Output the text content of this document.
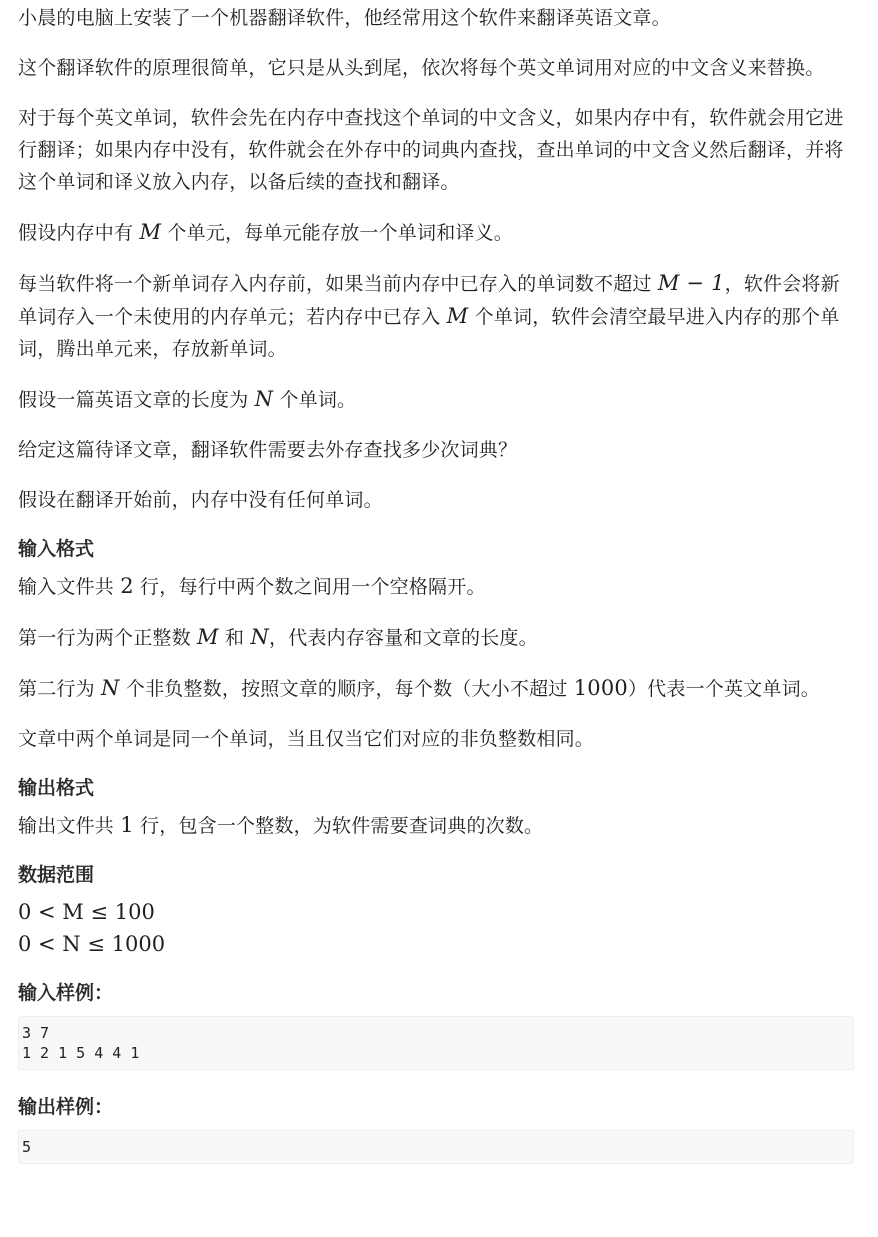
小晨的电脑上安装了一个机器翻译软件，他经常用这个软件来翻译英语文章。

这个翻译软件的原理很简单，它只是从头到尾，依次将每个英文单词用对应的中文含义来替换。

对于每个英文单词，软件会先在内存中查找这个单词的中文含义，如果内存中有，软件就会用它进行翻译；如果内存中没有，软件就会在外存中的词典内查找，查出单词的中文含义然后翻译，并将这个单词和译义放入内存，以备后续的查找和翻译。

假设内存中有 M 个单元，每单元能存放一个单词和译义。

每当软件将一个新单词存入内存前，如果当前内存中已存入的单词数不超过 M − 1，软件会将新单词存入一个未使用的内存单元；若内存中已存入 M 个单词，软件会清空最早进入内存的那个单词，腾出单元来，存放新单词。

假设一篇英语文章的长度为 N 个单词。

给定这篇待译文章，翻译软件需要去外存查找多少次词典？

假设在翻译开始前，内存中没有任何单词。

输入格式

输入文件共 2 行，每行中两个数之间用一个空格隔开。

第一行为两个正整数 M 和 N，代表内存容量和文章的长度。

第二行为 N 个非负整数，按照文章的顺序，每个数（大小不超过 1000）代表一个英文单词。

文章中两个单词是同一个单词，当且仅当它们对应的非负整数相同。

输出格式

输出文件共 1 行，包含一个整数，为软件需要查词典的次数。

数据范围
0 < M ≤ 100
0 < N ≤ 1000
输入样例：
3 7
1 2 1 5 4 4 1
输出样例：
5
